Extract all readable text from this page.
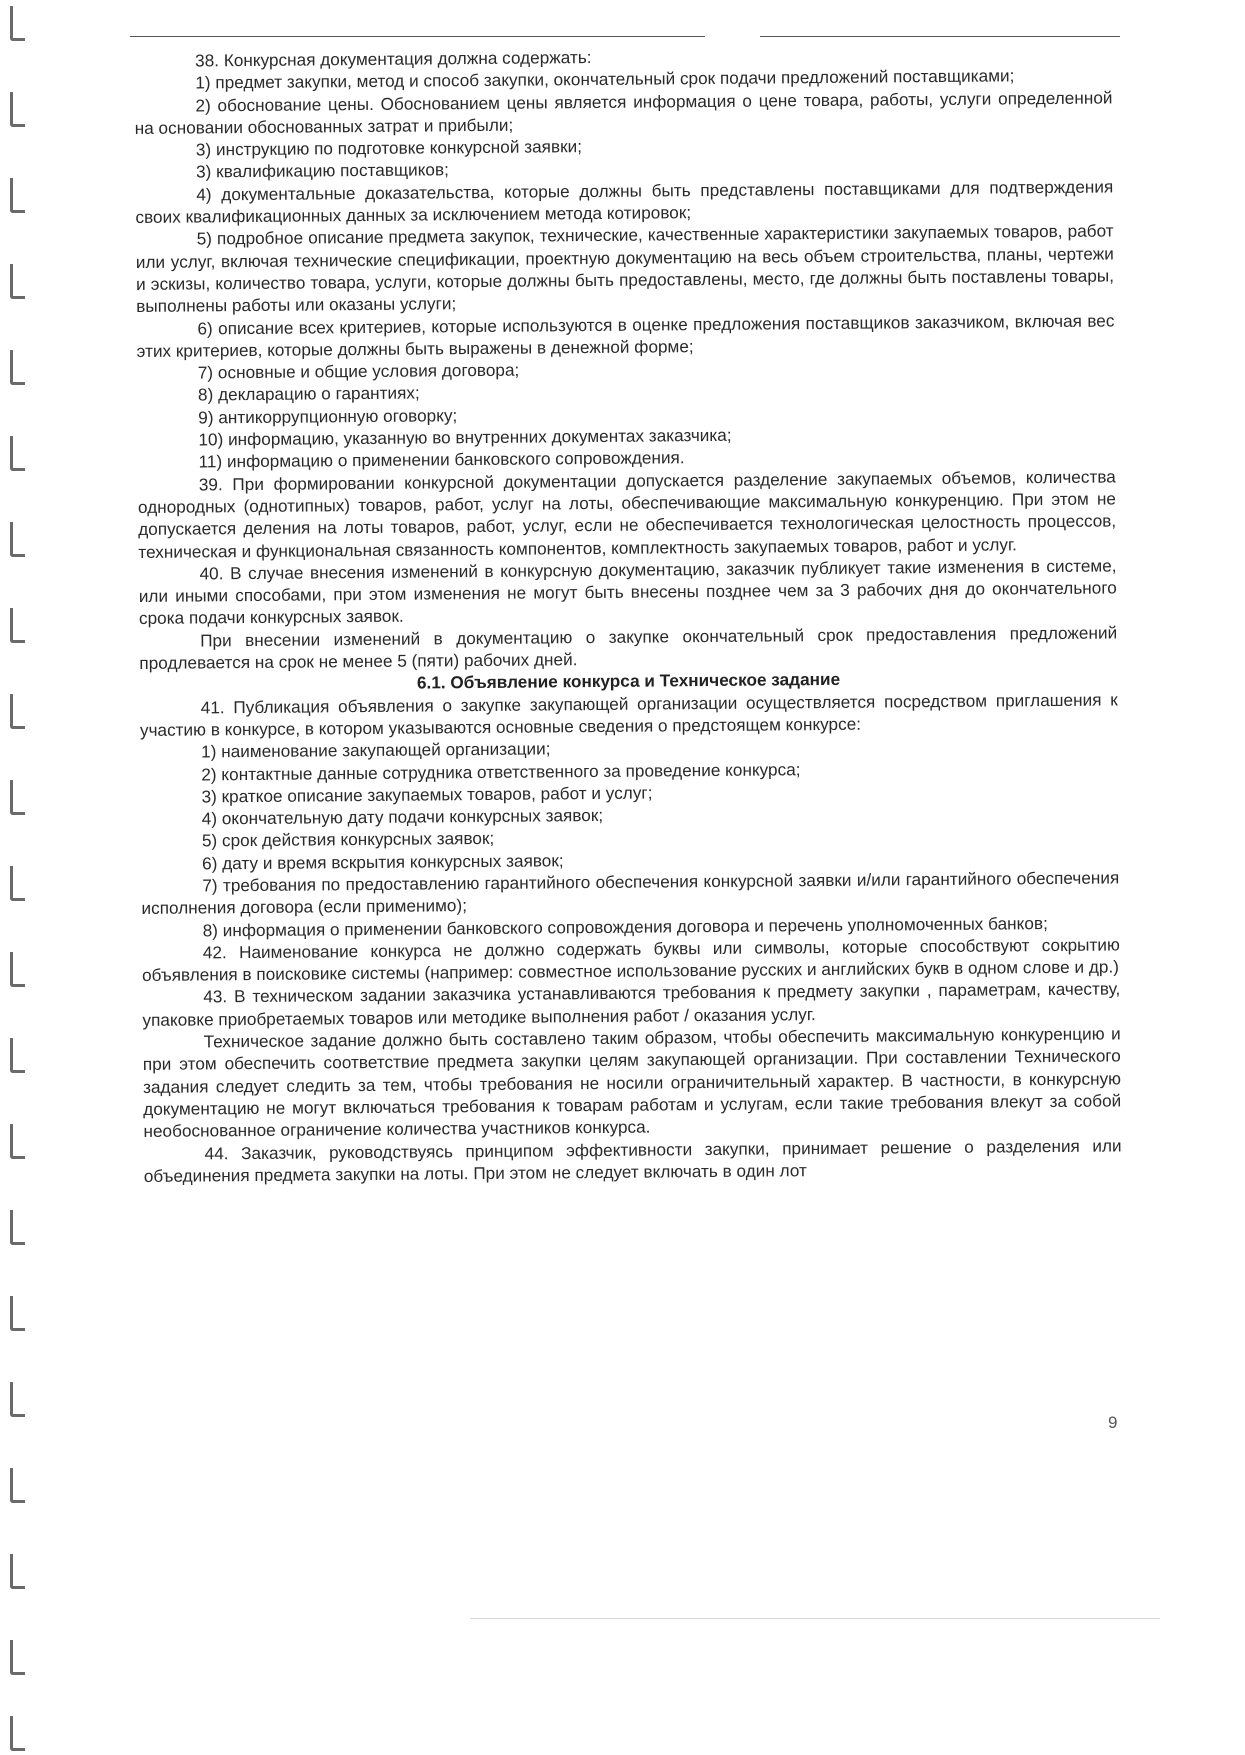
38. Конкурсная документация должна содержать:

1) предмет закупки, метод и способ закупки, окончательный срок подачи предложений поставщиками;

2) обоснование цены. Обоснованием цены является информация о цене товара, работы, услуги определенной на основании обоснованных затрат и прибыли;

3) инструкцию по подготовке конкурсной заявки;

3) квалификацию поставщиков;

4) документальные доказательства, которые должны быть представлены поставщиками для подтверждения своих квалификационных данных за исключением метода котировок;

5) подробное описание предмета закупок, технические, качественные характеристики закупаемых товаров, работ или услуг, включая технические спецификации, проектную документацию на весь объем строительства, планы, чертежи и эскизы, количество товара, услуги, которые должны быть предоставлены, место, где должны быть поставлены товары, выполнены работы или оказаны услуги;

6) описание всех критериев, которые используются в оценке предложения поставщиков заказчиком, включая вес этих критериев, которые должны быть выражены в денежной форме;

7) основные и общие условия договора;

8) декларацию о гарантиях;

9) антикоррупционную оговорку;

10) информацию, указанную во внутренних документах заказчика;

11) информацию о применении банковского сопровождения.

39. При формировании конкурсной документации допускается разделение закупаемых объемов, количества однородных (однотипных) товаров, работ, услуг на лоты, обеспечивающие максимальную конкуренцию. При этом не допускается деления на лоты товаров, работ, услуг, если не обеспечивается технологическая целостность процессов, техническая и функциональная связанность компонентов, комплектность закупаемых товаров, работ и услуг.

40. В случае внесения изменений в конкурсную документацию, заказчик публикует такие изменения в системе, или иными способами, при этом изменения не могут быть внесены позднее чем за 3 рабочих дня до окончательного срока подачи конкурсных заявок.

При внесении изменений в документацию о закупке окончательный срок предоставления предложений продлевается на срок не менее 5 (пяти) рабочих дней.

6.1. Объявление конкурса и Техническое задание

41. Публикация объявления о закупке закупающей организации осуществляется посредством приглашения к участию в конкурсе, в котором указываются основные сведения о предстоящем конкурсе:

1) наименование закупающей организации;

2) контактные данные сотрудника ответственного за проведение конкурса;

3) краткое описание закупаемых товаров, работ и услуг;

4) окончательную дату подачи конкурсных заявок;

5) срок действия конкурсных заявок;

6) дату и время вскрытия конкурсных заявок;

7) требования по предоставлению гарантийного обеспечения конкурсной заявки и/или гарантийного обеспечения исполнения договора (если применимо);

8) информация о применении банковского сопровождения договора и перечень уполномоченных банков;

42. Наименование конкурса не должно содержать буквы или символы, которые способствуют сокрытию объявления в поисковике системы (например: совместное использование русских и английских букв в одном слове и др.)

43. В техническом задании заказчика устанавливаются требования к предмету закупки , параметрам, качеству, упаковке приобретаемых товаров или методике выполнения работ / оказания услуг.

Техническое задание должно быть составлено таким образом, чтобы обеспечить максимальную конкуренцию и при этом обеспечить соответствие предмета закупки целям закупающей организации. При составлении Технического задания следует следить за тем, чтобы требования не носили ограничительный характер. В частности, в конкурсную документацию не могут включаться требования к товарам работам и услугам, если такие требования влекут за собой необоснованное ограничение количества участников конкурса.

44. Заказчик, руководствуясь принципом эффективности закупки, принимает решение о разделения или объединения предмета закупки на лоты. При этом не следует включать в один лот

9
